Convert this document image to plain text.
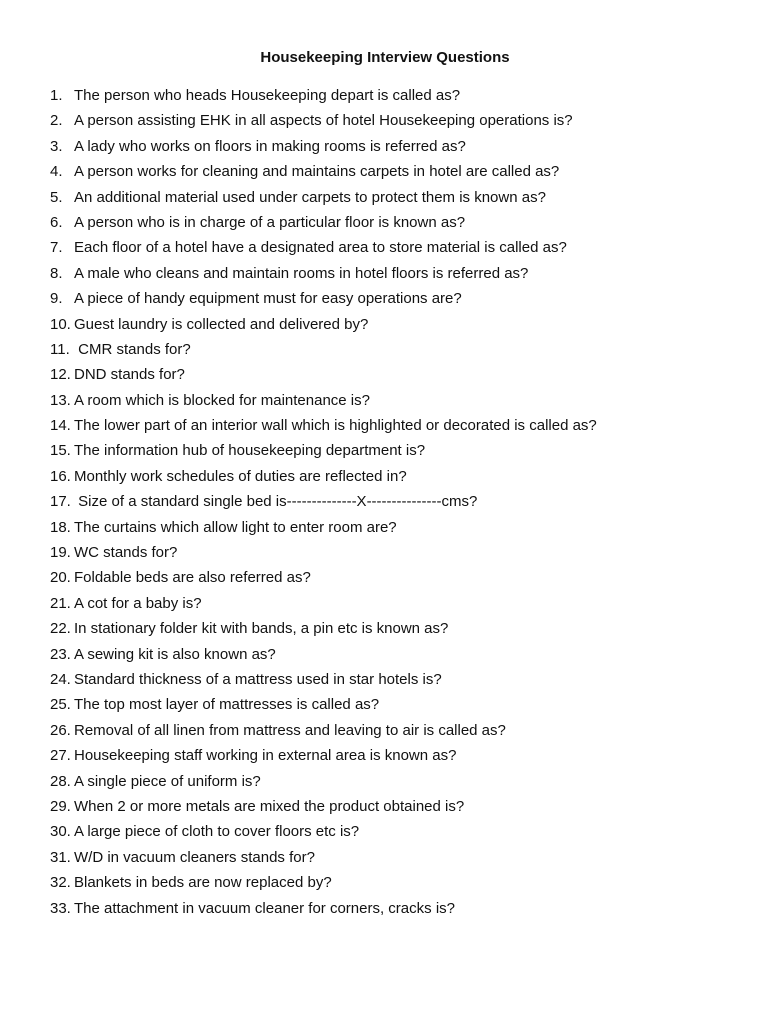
Housekeeping Interview Questions
1. The person who heads Housekeeping depart is called as?
2. A person assisting EHK in all aspects of hotel Housekeeping operations is?
3. A lady who works on floors in making rooms is referred as?
4. A person works for cleaning and maintains carpets in hotel are called as?
5. An additional material used under carpets to protect them is known as?
6. A person who is in charge of a particular floor is known as?
7. Each floor of a hotel have a designated area to store material is called as?
8. A male who cleans and maintain rooms in hotel floors is referred as?
9. A piece of handy equipment must for easy operations are?
10. Guest laundry is collected and delivered by?
11. CMR stands for?
12. DND stands for?
13. A room which is blocked for maintenance is?
14. The lower part of an interior wall which is highlighted or decorated is called as?
15. The information hub of housekeeping department is?
16. Monthly work schedules of duties are reflected in?
17. Size of a standard single bed is--------------X---------------cms?
18. The curtains which allow light to enter room are?
19. WC stands for?
20. Foldable beds are also referred as?
21. A cot for a baby is?
22. In stationary folder kit with bands, a pin etc is known as?
23. A sewing kit is also known as?
24. Standard thickness of a mattress used in star hotels is?
25. The top most layer of mattresses is called as?
26. Removal of all linen from mattress and leaving to air is called as?
27. Housekeeping staff working in external area is known as?
28. A single piece of uniform is?
29. When 2 or more metals are mixed the product obtained is?
30. A large piece of cloth to cover floors etc is?
31. W/D in vacuum cleaners stands for?
32. Blankets in beds are now replaced by?
33. The attachment in vacuum cleaner for corners, cracks is?
